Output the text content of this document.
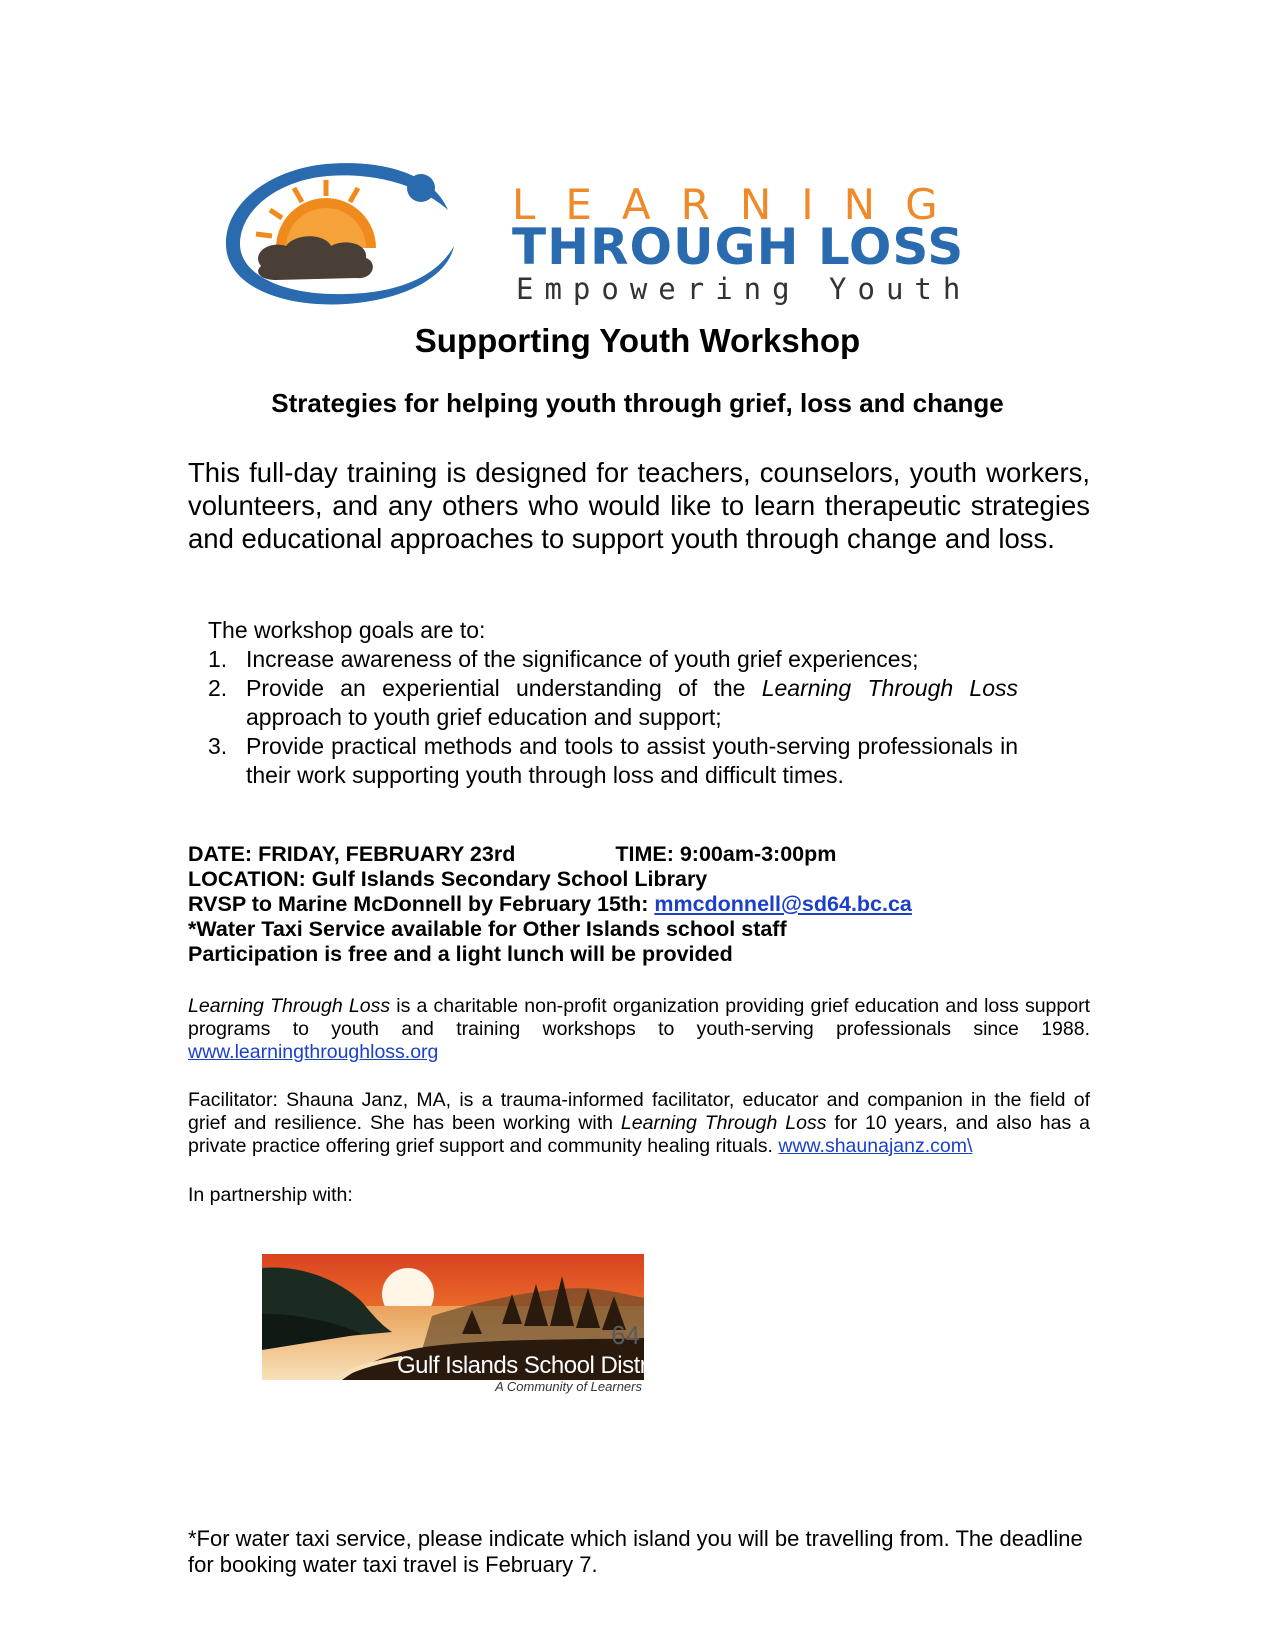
LEARNING
THROUGH LOSS
Empowering Youth
Supporting Youth Workshop
Strategies for helping youth through grief, loss and change
This full-day training is designed for teachers, counselors, youth workers, volunteers, and any others who would like to learn therapeutic strategies and educational approaches to support youth through change and loss.
The workshop goals are to:
1. Increase awareness of the significance of youth grief experiences;
2. Provide an experiential understanding of the Learning Through Loss approach to youth grief education and support;
3. Provide practical methods and tools to assist youth-serving professionals in their work supporting youth through loss and difficult times.
DATE: FRIDAY, FEBRUARY 23rd	TIME: 9:00am-3:00pm
LOCATION: Gulf Islands Secondary School Library
RVSP to Marine McDonnell by February 15th: mmcdonnell@sd64.bc.ca
*Water Taxi Service available for Other Islands school staff
Participation is free and a light lunch will be provided
Learning Through Loss is a charitable non-profit organization providing grief education and loss support programs to youth and training workshops to youth-serving professionals since 1988. www.learningthroughloss.org
Facilitator: Shauna Janz, MA, is a trauma-informed facilitator, educator and companion in the field of grief and resilience. She has been working with Learning Through Loss for 10 years, and also has a private practice offering grief support and community healing rituals. www.shaunajanz.com\
In partnership with:
64
Gulf Islands School District
A Community of Learners
*For water taxi service, please indicate which island you will be travelling from. The deadline for booking water taxi travel is February 7.
